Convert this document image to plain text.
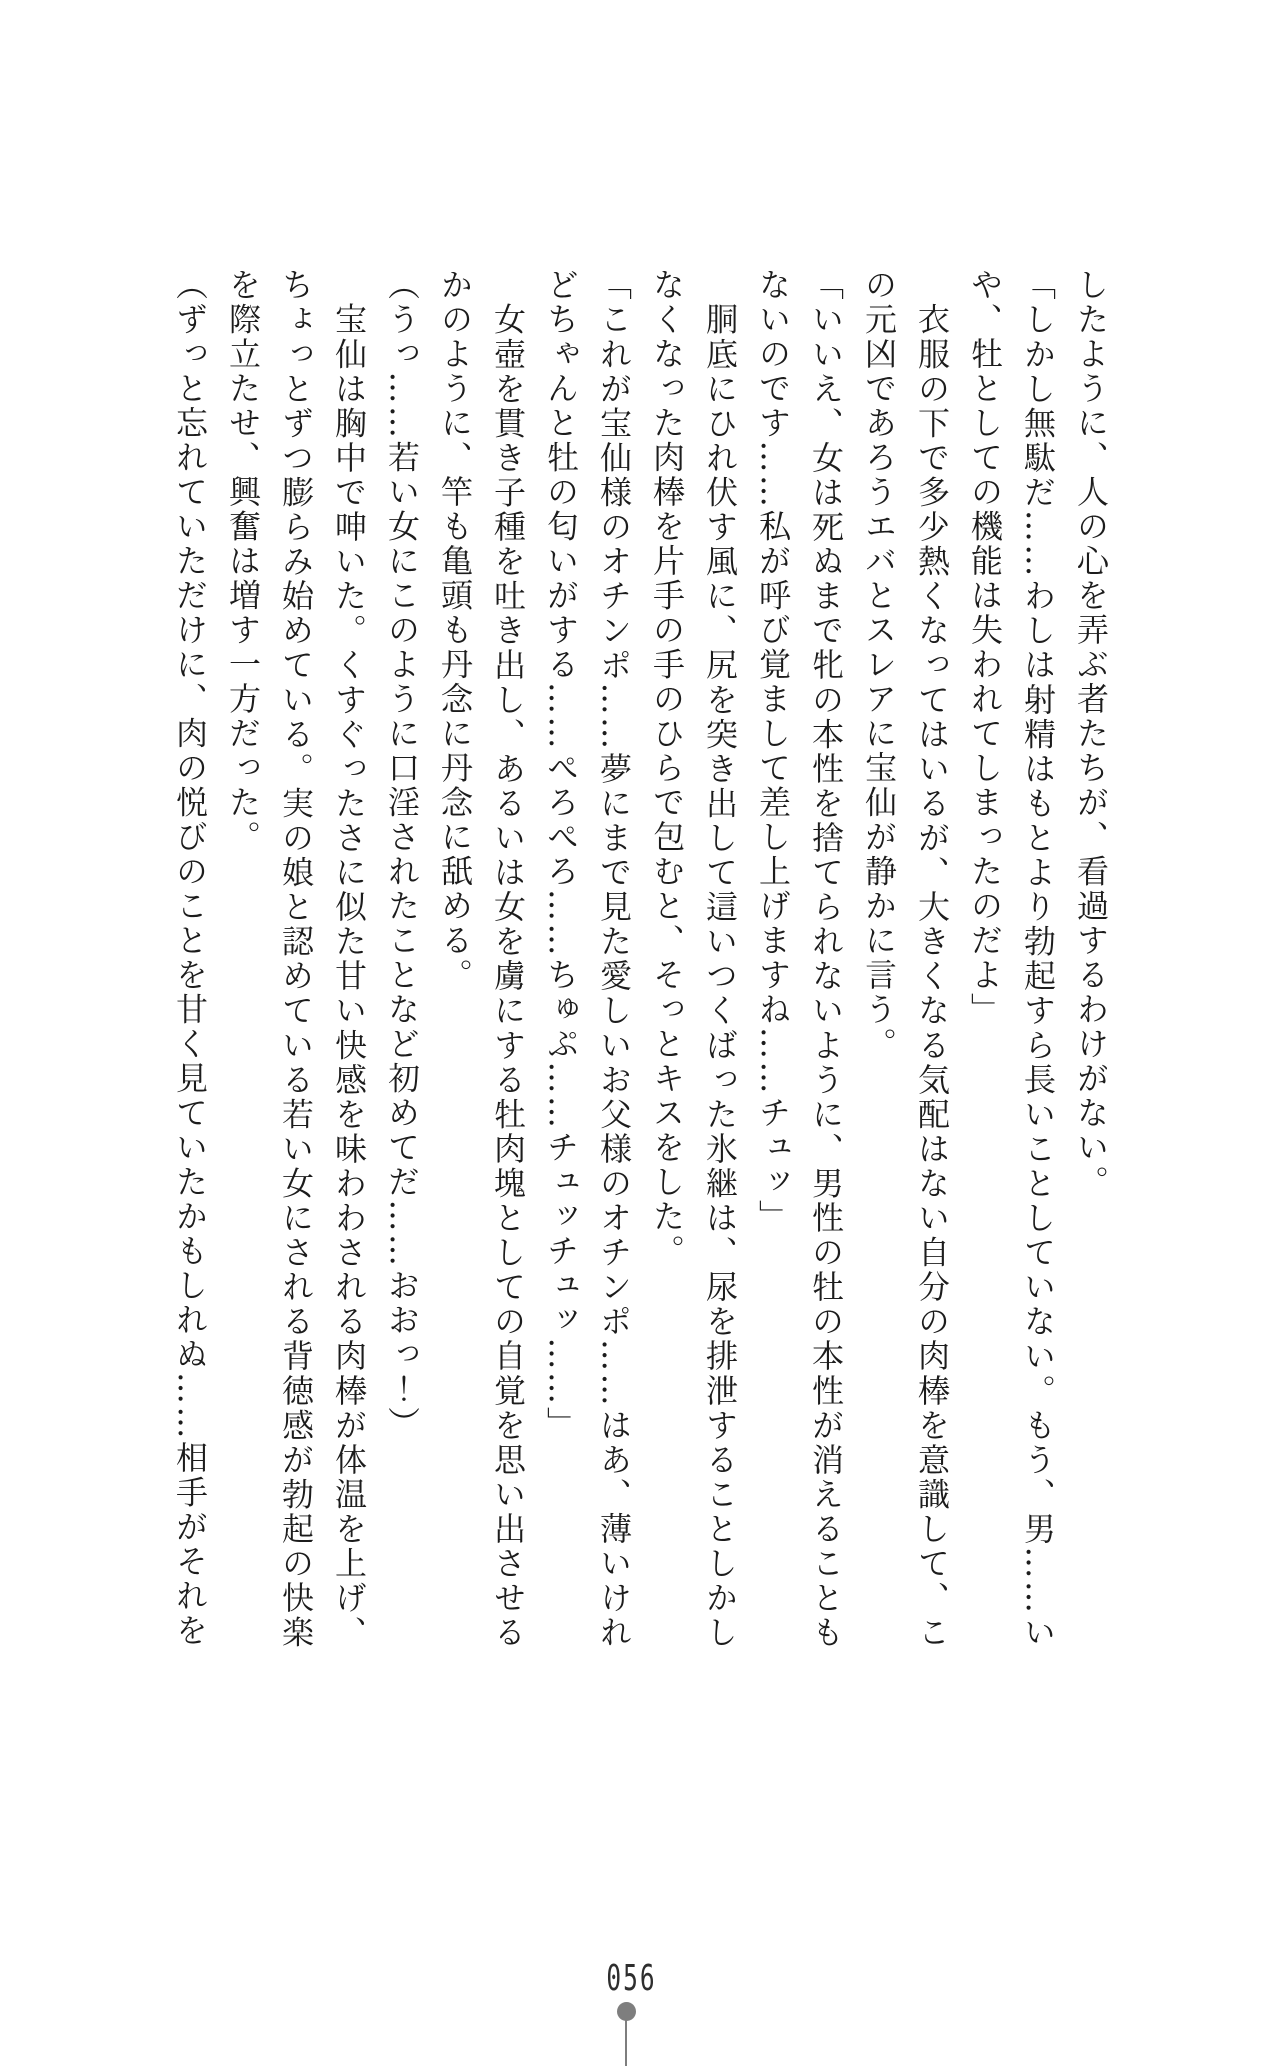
したように、人の心を弄ぶ者たちが、看過するわけがない。

「しかし無駄だ……わしは射精はもとより勃起すら長いことしていない。もう、男……いや、牡としての機能は失われてしまったのだよ」

　衣服の下で多少熱くなってはいるが、大きくなる気配はない自分の肉棒を意識して、この元凶であろうエバとスレアに宝仙が静かに言う。

「いいえ、女は死ぬまで牝の本性を捨てられないように、男性の牡の本性が消えることもないのです……私が呼び覚まして差し上げますね……チュッ」

　胴底にひれ伏す風に、尻を突き出して這いつくばった氷継は、尿を排泄することしかしなくなった肉棒を片手の手のひらで包むと、そっとキスをした。

「これが宝仙様のオチンポ……夢にまで見た愛しいお父様のオチンポ……はあ、薄いけれどちゃんと牡の匂いがする……ぺろぺろ……ちゅぷ……チュッチュッ……」

　女壺を貫き子種を吐き出し、あるいは女を虜にする牡肉塊としての自覚を思い出させるかのように、竿も亀頭も丹念に丹念に舐める。

（うっ……若い女にこのように口淫されたことなど初めてだ……おおっ！）

　宝仙は胸中で呻いた。くすぐったさに似た甘い快感を味わわされる肉棒が体温を上げ、ちょっとずつ膨らみ始めている。実の娘と認めている若い女にされる背徳感が勃起の快楽を際立たせ、興奮は増す一方だった。

（ずっと忘れていただけに、肉の悦びのことを甘く見ていたかもしれぬ……相手がそれを

056
